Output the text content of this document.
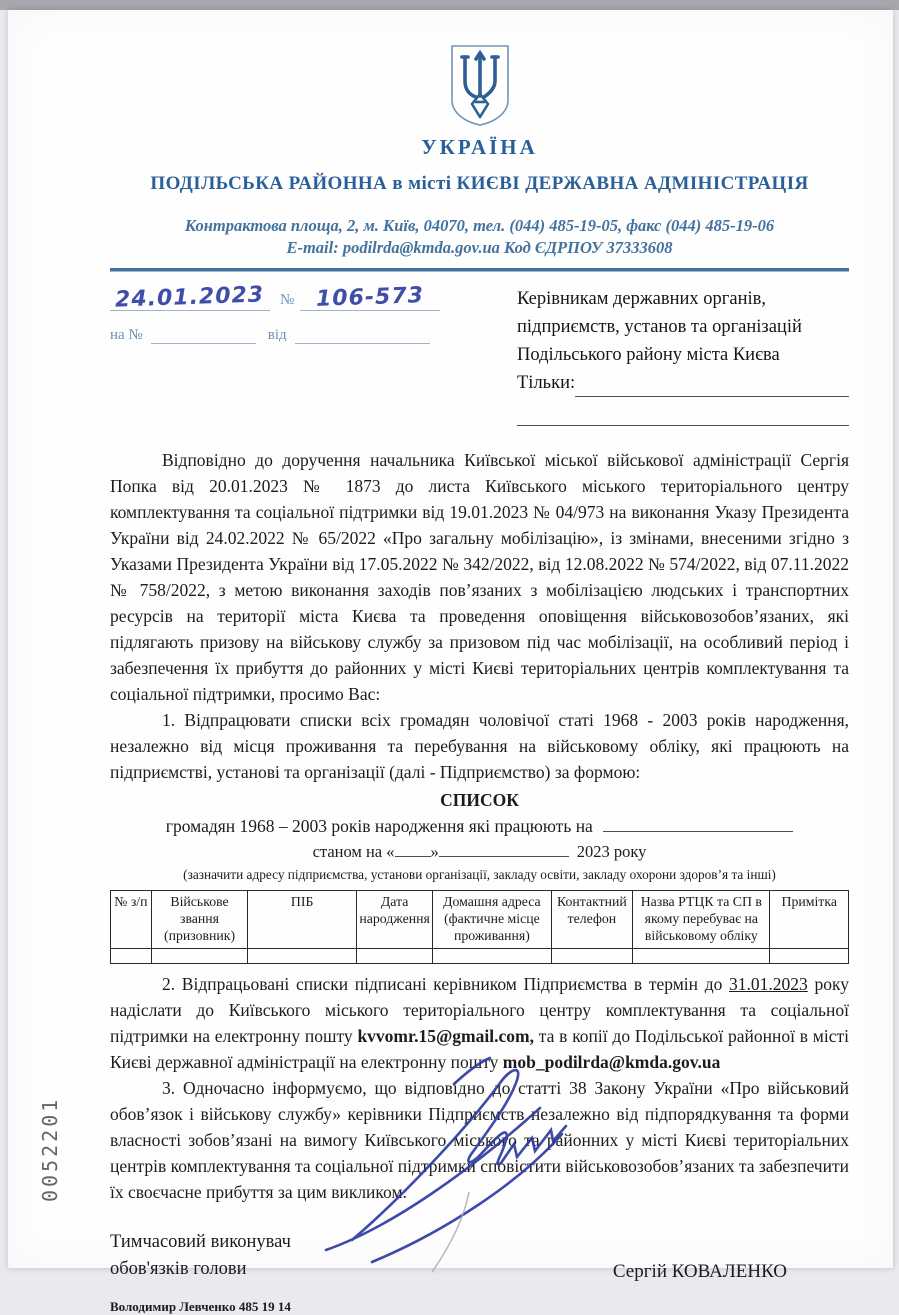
УКРАЇНА
ПОДІЛЬСЬКА РАЙОННА в місті КИЄВІ ДЕРЖАВНА АДМІНІСТРАЦІЯ
Контрактова площа, 2, м. Київ, 04070, тел. (044) 485-19-05, факс (044) 485-19-06
E-mail: podilrda@kmda.gov.ua Код ЄДРПОУ 37333608
24.01.2023	№ 106-573
на №	від
Керівникам державних органів,
підприємств, установ та організацій
Подільського району міста Києва
Тільки:

Відповідно до доручення начальника Київської міської військової адміністрації Сергія Попка від 20.01.2023 № 1873 до листа Київського міського територіального центру комплектування та соціальної підтримки від 19.01.2023 № 04/973 на виконання Указу Президента України від 24.02.2022 № 65/2022 «Про загальну мобілізацію», із змінами, внесеними згідно з Указами Президента України від 17.05.2022 № 342/2022, від 12.08.2022 № 574/2022, від 07.11.2022 № 758/2022, з метою виконання заходів пов’язаних з мобілізацією людських і транспортних ресурсів на території міста Києва та проведення оповіщення військовозобов’язаних, які підлягають призову на військову службу за призовом під час мобілізації, на особливий період і забезпечення їх прибуття до районних у місті Києві територіальних центрів комплектування та соціальної підтримки, просимо Вас:

1. Відпрацювати списки всіх громадян чоловічої статі 1968 - 2003 років народження, незалежно від місця проживання та перебування на військовому обліку, які працюють на підприємстві, установі та організації (далі - Підприємство) за формою:

СПИСОК

громадян 1968 – 2003 років народження які працюють на

станом на « »	2023 року

(зазначити адресу підприємства, установи організації, закладу освіти, закладу охорони здоров’я та інші)

№ з/п	Військове звання (призовник)	ПІБ	Дата народження	Домашня адреса (фактичне місце проживання)	Контактний телефон	Назва РТЦК та СП в якому перебуває на військовому обліку	Примітка

2. Відпрацьовані списки підписані керівником Підприємства в термін до 31.01.2023 року надіслати до Київського міського територіального центру комплектування та соціальної підтримки на електронну пошту kvvomr.15@gmail.com, та в копії до Подільської районної в місті Києві державної адміністрації на електронну пошту mob_podilrda@kmda.gov.ua

3. Одночасно інформуємо, що відповідно до статті 38 Закону України «Про військовий обов’язок і військову службу» керівники Підприємств незалежно від підпорядкування та форми власності зобов’язані на вимогу Київського міського та районних у місті Києві територіальних центрів комплектування та соціальної підтримки сповістити військовозобов’язаних та забезпечити їх своєчасне прибуття за цим викликом.

Тимчасовий виконувач
обов'язків голови	Сергій КОВАЛЕНКО
Володимир Левченко 485 19 14
0052201
